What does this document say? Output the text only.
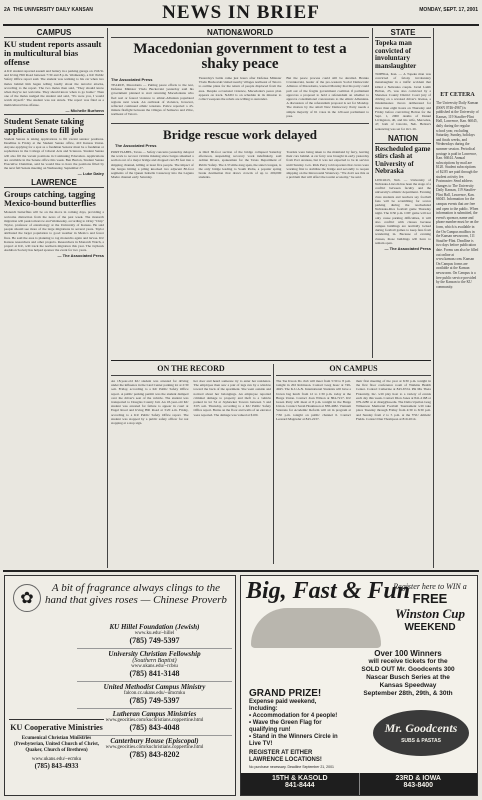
2A THE UNIVERSITY DAILY KANSAN	NEWS IN BRIEF	MONDAY, SEPT. 17, 2001
CAMPUS
KU student reports assault in multicultural bias offense
A KU student reported assault and battery in a parking garage on 15th St. and Irving Hill Road between 7:30 and 8 p.m. Wednesday, a KU Public Safety Office report said. The student was walking to his car when two males behind him began telling loudly about the terrorist attacks, according to the report. The two males then said, "They should know when they're not welcome. They should know when to go home." Then one of the males nudged the student and said, "It's were you, I would watch myself." The student was not struck. The report was filed as a multicultural bias offense.
— Michelle Burhenn
Student Senate taking applications to fill job
Student Senate is taking applications to fill vacant senator positions. Deadline is Friday at the Student Senate office, 410 Kansas Union. Anyone applying for a spot as a freshman Senator must be a freshman or sophomore in the College of Liberal Arts and Sciences. Student Senate will also fill the vacant positions in Continuing Education. Applications are available in the Senate office this week. Ben Burton, Student Senate Executive Chairman, said he would like to have the positions filled by the next full Senate meeting on Wednesday, September 27.
— Luke Daley
LAWRENCE
Groups catching, tagging Mexico-bound butterflies
Monarch butterflies will be on the move in coming days, providing a welcome distraction from the news of the past week. The monarch migration will peak tomorrow and Wednesday, according to Orley "Chip" Taylor, professor of entomology at the University of Kansas. He said people should see more of the large migrations in several years. Taylor attributed the larger population to good weather in Mexico and fewer fires. He said the area is planning to tag monarchs again and larvae. KU Kansas researchers and other projects. Researchers in Monarch Watch, a project at KU, will track the northern migration this year. The Jayhawk Audubon Society has helped sponsor the event for two years.
— The Associated Press
NATION&WORLD
Macedonian government to test a shaky peace
The Associated Press
TEARCE, Macedonia — Putting peace efforts to the test, Defense Minister Vlado Buckovski yesterday said his government planned to start returning Macedonians who fled real or feared violence to ethnic-Albanian populated regions next week. An outbreak of violence, however, reflected continued ethnic tensions. Police reported a 45-minute firefight between the villages of Semsevo and Zilce, northeast of Tetovo.
Yesterday's battle came just hours after Defense Minister Vlado Buckovski visited nearby villages northeast of Tetovo to outline plans for the return of people displaced from the area. Despite occasional violence, Macedonia's peace plan appears on track. NATO is on schedule in its mission to collect weapons the rebels are willing to surrender.
But the peace process could still be derailed. Branko Crvenkovski, leader of the pro-western Social Democratic Alliance of Macedonia, warned Monday that his party could pull out of the fragile government coalition if parliament approves a proposal to hold a referendum on whether to approve constitutional concessions to the ethnic Albanians. A discussion of the referendum proposal is set for Monday. The motion by the small New Democracy Party needs a simple majority of 61 votes in the 120-seat parliament to pass.
Bridge rescue work delayed
The Associated Press
PORT ISABEL, Texas — Safety concerns yesterday delayed the work to recover victims missing since barges smashed a section out of a major bridge and dropped cars 85 feet into a shipping channel, killing at least five people. The impact of the barges hitting a piling knocked two adjacent 80-foot segments of the Queen Isabella Causeway into the Laguna Madre channel early Saturday.
A third 80-foot section of the bridge collapsed Saturday afternoon, suspending recovery work indefinitely, said Adrian Rivera, spokesman for the Texas Department of Public Safety. The 2.37-mile-long span, the state's longest, is the only bridge leading to South Padre, a popular spring break destination that draws crowds of up to 200,000 students.
Tourists were being taken to the mainland by ferry, leaving their cars behind. A car ferry was brought in early yesterday from Port Aransas, but it was not expected to be in service until Sunday. Gov. Rick Perry told reporters that crews were working first to stabilize the bridge and secondly to reopen shipping on the Intracoastal Waterway. "We don't see this as a problem that will affect the tourist economy," he said.
STATE
Topeka man convicted of involuntary manslaughter
TOPEKA, Kan. — A Topeka man was convicted of felony involuntary manslaughter in a traffic accident that killed a Nebraska couple. Jarrel Lamb Helton, 25, was also convicted by a Shawnee County District Court jury of driving on a revoked driver's license, a misdemeanor. Jurors deliberated for more than eight hours on Thursday and Friday before convicting Helton for the Sept. 1, 2000 deaths of Daniel Livingston, 40, and his wife, Mercedes, 47, both of Lincoln, Neb. Helton's sentencing was set for Oct. 26.
NATION
Rescheduled game stirs clash at University of Nebraska
LINCOLN, Neb. — University of Nebraska-Lincoln has been the stage of a conflict between faculty and the university's athletic department. Evening class students and teachers say football fans will be scrambling for scarce parking during the rescheduled Nebraska-Rice football game Thursday night. The 6:30 p.m. CDT game will not only cause parking difficulties, it will also conflict with classes because campus buildings are normally locked during football games to keep fans from wandering in. Because of evening classes, those buildings will have to remain open.
— The Associated Press
ET CETERA
The University Daily Kansan (ISSN 0746-4967) is published at the University of Kansas, 119 Stauffer-Flint Hall, Lawrence, Kan. 66045, daily during the regular school year, excluding Saturday, Sunday, holidays and finals weeks, and Wednesdays during the summer session. Periodical postage is paid in Lawrence, Kan. 66044. Annual subscriptions by mail are $120. Student subscriptions of $2.85 are paid through the student activity fee. Postmaster: Send address changes to The University Daily Kansan, 119 Stauffer-Flint Hall, Lawrence, Kan. 66045. Information for the campus events that are free and open to the public. When information is submitted, the event's sponsor, name and phone number must be on the form, which is available in the On Campus mailbox in the Kansan newsroom, 111 Stauffer-Flint. Deadline is two days before publication date. Forms can also be filled out online at www.kansan.com. Kansan On Campus forms are available at the Kansan newsroom. On Campus is a free public service provided by the Kansan to the KU community.
ON THE RECORD
An 18-year-old KU student was arrested for driving under the influence in the Lied Center parking lot at 2:30 a.m. Friday, according to a KU Public Safety Office report. A public parking permit was the student dumped over the driver's seat of the vehicle. The student was transported to Douglas County Jail. An 18-year-old KU student was arrested for failure to appear in court at Engel Road and Irving Hill Road at 3:20 a.m. Friday, according to a KU Public Safety Office report. The student was stopped by a public safety officer for not stopping at a stop sign.
her door and heard someone try to enter her residence. The employee then saw a pair of legs run by a window toward the back of the apartment. She went outside and noticed about her belongings. An employee reported criminal damage to property and theft to a vehicle parked in lot 54 at Jayhawker Towers between 3 and 3:05 a.m. Thursday, according to a KU Public Safety Office report. Burns on the floor and walls of an elevator were reported. The damage was valued at $100.
ON CAMPUS
The Tae Kwon Do club will meet from 5:30 to 8 p.m. tonight in 202 Robinson. Contact Greg Isaac at 749-4945. The K.U.A.N. International Students will have a brown bag lunch from 12 to 1:30 p.m. today at the Burge Union. Contact Joan Wilson at 864-7217. KU Green Party will meet at 8 p.m. tonight in the Burge Union. Contact Sarah Hoskinson at 838-4082. Vietnam Veterans for Academic Reform will sit in program at 7:30 p.m. tonight on public channel 6. Contact Leonard Magruder at 843-2237.
their first meeting of the year at 6:30 p.m. tonight in the first floor conference room of Watkins Health Center. Contact Catherine at 843-6724. Phi Mu Theta Fraternity, Inc. will play host to a variety of events each day this week. Contact Dion Jones at 841-2168 or 979-2280 or at dionj@ku.edu. The Delta Upsilon Greg Wilkerson Memorial Football Tournament will take place Tuesday through Friday from 4:30 to 6:30 p.m. and Sunday from 2 to 5 p.m. at the YSU Athletic Fields. Contact Dan Thompson at 810-2014.
A bit of fragrance always clings to the hand that gives roses — Chinese Proverb
✿
KU Hillel Foundation (Jewish)
www.ku.edu/~hillel
(785) 749-5397
University Christian Fellowship
(Southern Baptist)
www.ukans.edu/~rcbsu
(785) 841-3148
United Methodist Campus Ministry
falcon.cc.ukans.edu/~umcmku
(785) 749-5397
Lutheran Campus Ministries
www.geocities.com/kuchristians.coppertine.html
(785) 843-4048
Canterbury House (Episcopal)
www.geocities.com/kuchristians.coppertine.html
(785) 843-8202
KU Cooperative Ministries
Ecumenical Christian Ministries (Presbyterian, United Church of Christ, Quaker, Church of Brethren)
www.ukans.edu/~ecmku
(785) 843-4933
Big, Fast & Fun
Register here to WIN a
FREE
Winston Cup
WEEKEND
Over 100 Winners
will receive tickets for the
SOLD OUT Mr. Goodcents 300
Nascar Busch Series at the
Kansas Speedway
September 28th, 29th, & 30th
GRAND PRIZE!
Expense paid weekend, Including:
• Accommodation for 4 people!
• Wave the Green Flag for qualifying run!
• Stand in the Winners Circle in Live TV!
REGISTER AT EITHER LAWRENCE LOCATIONS!
No purchase necessary. Deadline September 21, 2001
Mr. Goodcents
SUBS & PASTAS
15TH & KASOLD
841-8444
23RD & IOWA
843-8400
